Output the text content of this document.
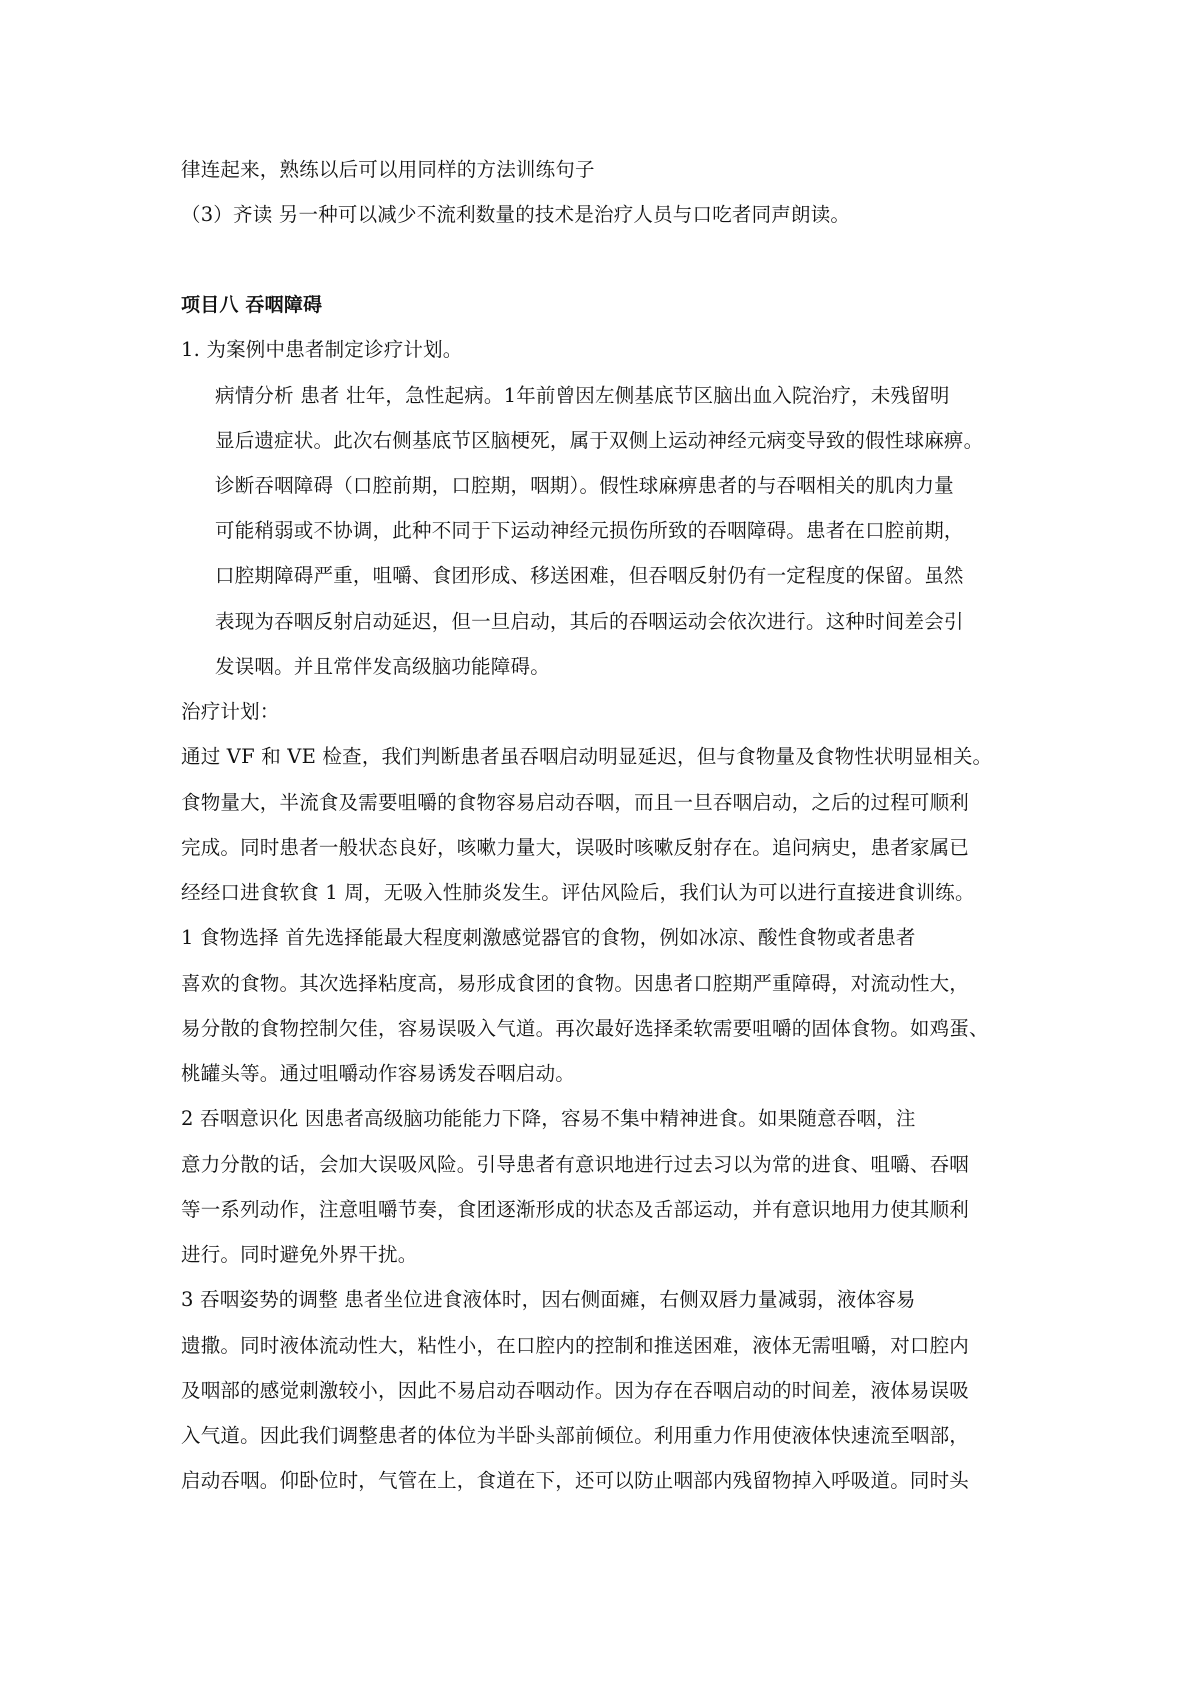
律连起来，熟练以后可以用同样的方法训练句子
（3）齐读 另一种可以减少不流利数量的技术是治疗人员与口吃者同声朗读。
项目八 吞咽障碍
1. 为案例中患者制定诊疗计划。
病情分析 患者 壮年，急性起病。1年前曾因左侧基底节区脑出血入院治疗，未残留明
显后遗症状。此次右侧基底节区脑梗死，属于双侧上运动神经元病变导致的假性球麻痹。
诊断吞咽障碍（口腔前期，口腔期，咽期）。假性球麻痹患者的与吞咽相关的肌肉力量
可能稍弱或不协调，此种不同于下运动神经元损伤所致的吞咽障碍。患者在口腔前期，
口腔期障碍严重，咀嚼、食团形成、移送困难，但吞咽反射仍有一定程度的保留。虽然
表现为吞咽反射启动延迟，但一旦启动，其后的吞咽运动会依次进行。这种时间差会引
发误咽。并且常伴发高级脑功能障碍。
治疗计划：
通过 VF 和 VE 检查，我们判断患者虽吞咽启动明显延迟，但与食物量及食物性状明显相关。
食物量大，半流食及需要咀嚼的食物容易启动吞咽，而且一旦吞咽启动，之后的过程可顺利
完成。同时患者一般状态良好，咳嗽力量大，误吸时咳嗽反射存在。追问病史，患者家属已
经经口进食软食 1 周，无吸入性肺炎发生。评估风险后，我们认为可以进行直接进食训练。
1 食物选择 首先选择能最大程度刺激感觉器官的食物，例如冰凉、酸性食物或者患者
喜欢的食物。其次选择粘度高，易形成食团的食物。因患者口腔期严重障碍，对流动性大，
易分散的食物控制欠佳，容易误吸入气道。再次最好选择柔软需要咀嚼的固体食物。如鸡蛋、
桃罐头等。通过咀嚼动作容易诱发吞咽启动。
2 吞咽意识化 因患者高级脑功能能力下降，容易不集中精神进食。如果随意吞咽，注
意力分散的话，会加大误吸风险。引导患者有意识地进行过去习以为常的进食、咀嚼、吞咽
等一系列动作，注意咀嚼节奏，食团逐渐形成的状态及舌部运动，并有意识地用力使其顺利
进行。同时避免外界干扰。
3 吞咽姿势的调整 患者坐位进食液体时，因右侧面瘫，右侧双唇力量减弱，液体容易
遗撒。同时液体流动性大，粘性小，在口腔内的控制和推送困难，液体无需咀嚼，对口腔内
及咽部的感觉刺激较小，因此不易启动吞咽动作。因为存在吞咽启动的时间差，液体易误吸
入气道。因此我们调整患者的体位为半卧头部前倾位。利用重力作用使液体快速流至咽部，
启动吞咽。仰卧位时，气管在上，食道在下，还可以防止咽部内残留物掉入呼吸道。同时头
